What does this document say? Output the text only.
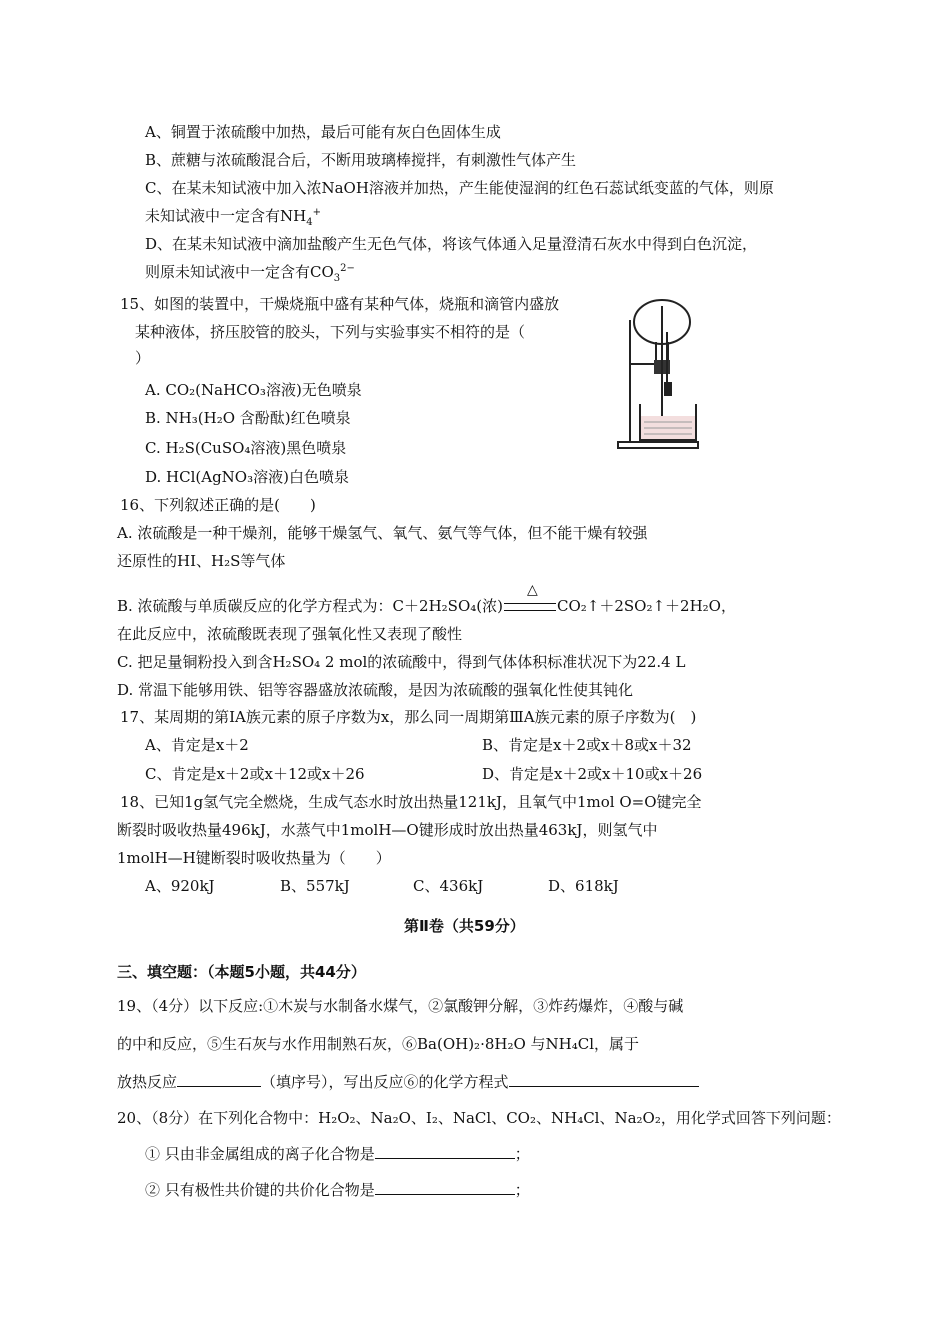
A、铜置于浓硫酸中加热，最后可能有灰白色固体生成
B、蔗糖与浓硫酸混合后，不断用玻璃棒搅拌，有刺激性气体产生
C、在某未知试液中加入浓NaOH溶液并加热，产生能使湿润的红色石蕊试纸变蓝的气体，则原
未知试液中一定含有$NH_4^+$
D、在某未知试液中滴加盐酸产生无色气体，将该气体通入足量澄清石灰水中得到白色沉淀，
则原未知试液中一定含有$CO_3^{2-}$
15、如图的装置中，干燥烧瓶中盛有某种气体，烧瓶和滴管内盛放
某种液体，挤压胶管的胶头，下列与实验事实不相符的是（
）
A. CO₂(NaHCO₃溶液)无色喷泉
B. NH₃(H₂O 含酚酞)红色喷泉
C. H₂S(CuSO₄溶液)黑色喷泉
D. HCl(AgNO₃溶液)白色喷泉
16、下列叙述正确的是(　　)
A. 浓硫酸是一种干燥剂，能够干燥氢气、氧气、氨气等气体，但不能干燥有较强
还原性的HI、H₂S等气体
△
B. 浓硫酸与单质碳反应的化学方程式为：C＋2H₂SO₄(浓)	CO₂↑＋2SO₂↑＋2H₂O，
在此反应中，浓硫酸既表现了强氧化性又表现了酸性
C. 把足量铜粉投入到含H₂SO₄ 2 mol的浓硫酸中，得到气体体积标准状况下为22.4 L
D. 常温下能够用铁、铝等容器盛放浓硫酸，是因为浓硫酸的强氧化性使其钝化
17、某周期的第ⅠA族元素的原子序数为x，那么同一周期第ⅢA族元素的原子序数为(　)
A、肯定是x＋2	B、肯定是x＋2或x＋8或x＋32
C、肯定是x＋2或x＋12或x＋26	D、肯定是x＋2或x＋10或x＋26
18、已知1g氢气完全燃烧，生成气态水时放出热量121kJ，且氧气中1mol O=O键完全
断裂时吸收热量496kJ，水蒸气中1molH—O键形成时放出热量463kJ，则氢气中
1molH—H键断裂时吸收热量为（　　）
A、920kJ	B、557kJ	C、436kJ	D、618kJ
第Ⅱ卷（共59分）
三、填空题：（本题5小题，共44分）
19、（4分）以下反应:①木炭与水制备水煤气，②氯酸钾分解，③炸药爆炸，④酸与碱
的中和反应，⑤生石灰与水作用制熟石灰，⑥Ba(OH)₂·8H₂O 与NH₄Cl，属于
放热反应	（填序号），写出反应⑥的化学方程式
20、（8分）在下列化合物中：H₂O₂、Na₂O、I₂、NaCl、CO₂、NH₄Cl、Na₂O₂，用化学式回答下列问题：
① 只由非金属组成的离子化合物是	；
② 只有极性共价键的共价化合物是	；
